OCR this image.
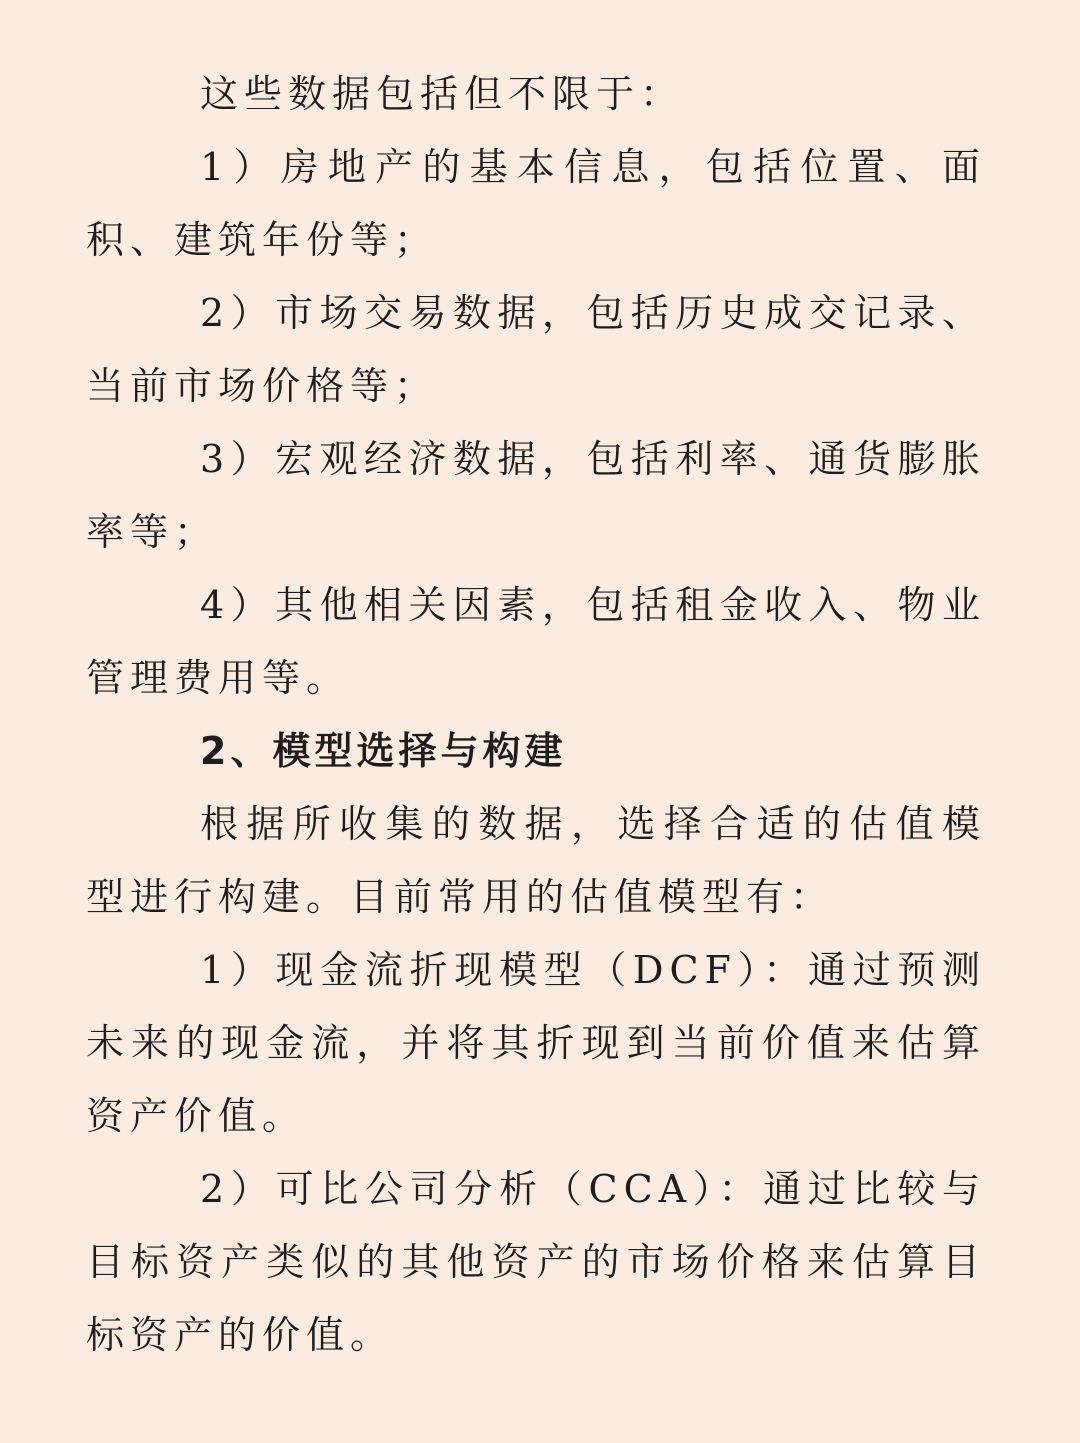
这些数据包括但不限于：

1）房地产的基本信息，包括位置、面积、建筑年份等；

2）市场交易数据，包括历史成交记录、当前市场价格等；

3）宏观经济数据，包括利率、通货膨胀率等；

4）其他相关因素，包括租金收入、物业管理费用等。

2、模型选择与构建

根据所收集的数据，选择合适的估值模型进行构建。目前常用的估值模型有：

1）现金流折现模型（DCF）：通过预测未来的现金流，并将其折现到当前价值来估算资产价值。

2）可比公司分析（CCA）：通过比较与目标资产类似的其他资产的市场价格来估算目标资产的价值。
